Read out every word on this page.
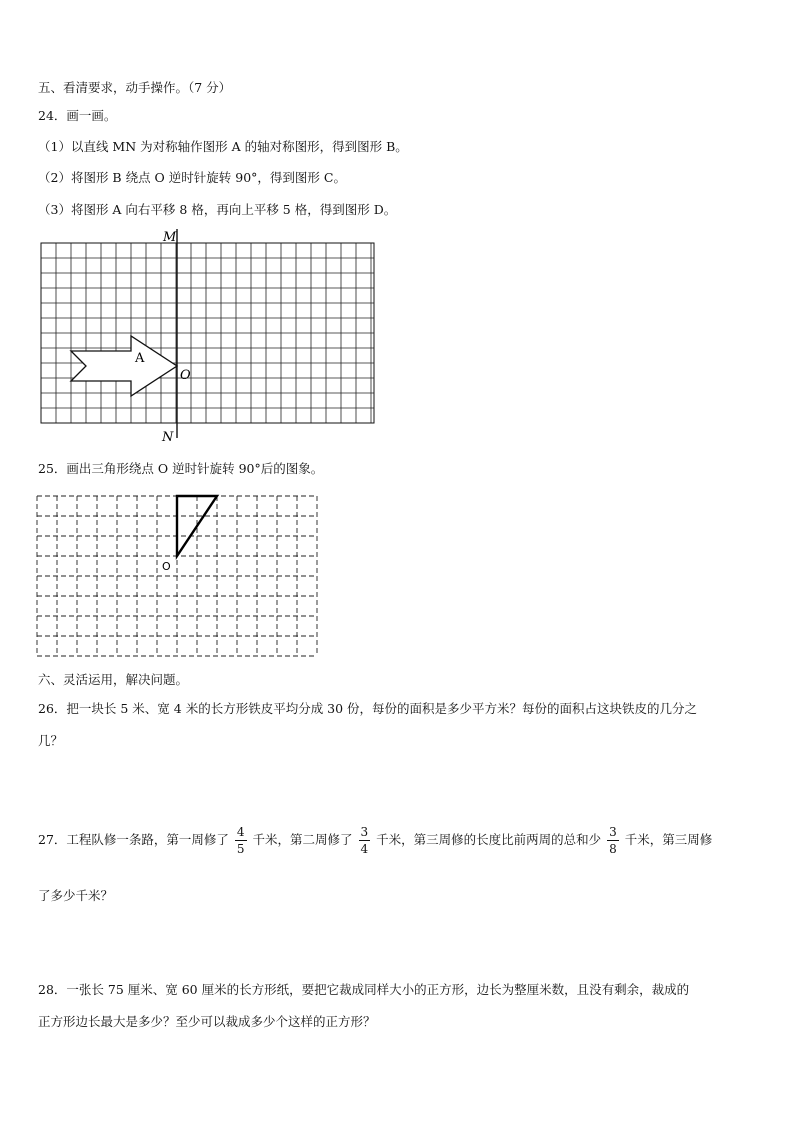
五、看清要求，动手操作。（7 分）
24．画一画。
（1）以直线 MN 为对称轴作图形 A 的轴对称图形，得到图形 B。
（2）将图形 B 绕点 O 逆时针旋转 90°，得到图形 C。
（3）将图形 A 向右平移 8 格，再向上平移 5 格，得到图形 D。
M
N
O
A
25．画出三角形绕点 O 逆时针旋转 90°后的图象。
O
六、灵活运用，解决问题。
26．把一块长 5 米、宽 4 米的长方形铁皮平均分成 30 份，每份的面积是多少平方米？每份的面积占这块铁皮的几分之
几？
27．工程队修一条路，第一周修了 $\frac{4}{5}$ 千米，第二周修了 $\frac{3}{4}$ 千米，第三周修的长度比前两周的总和少 $\frac{3}{8}$ 千米，第三周修
了多少千米？
28．一张长 75 厘米、宽 60 厘米的长方形纸，要把它裁成同样大小的正方形，边长为整厘米数，且没有剩余，裁成的
正方形边长最大是多少？至少可以裁成多少个这样的正方形？
